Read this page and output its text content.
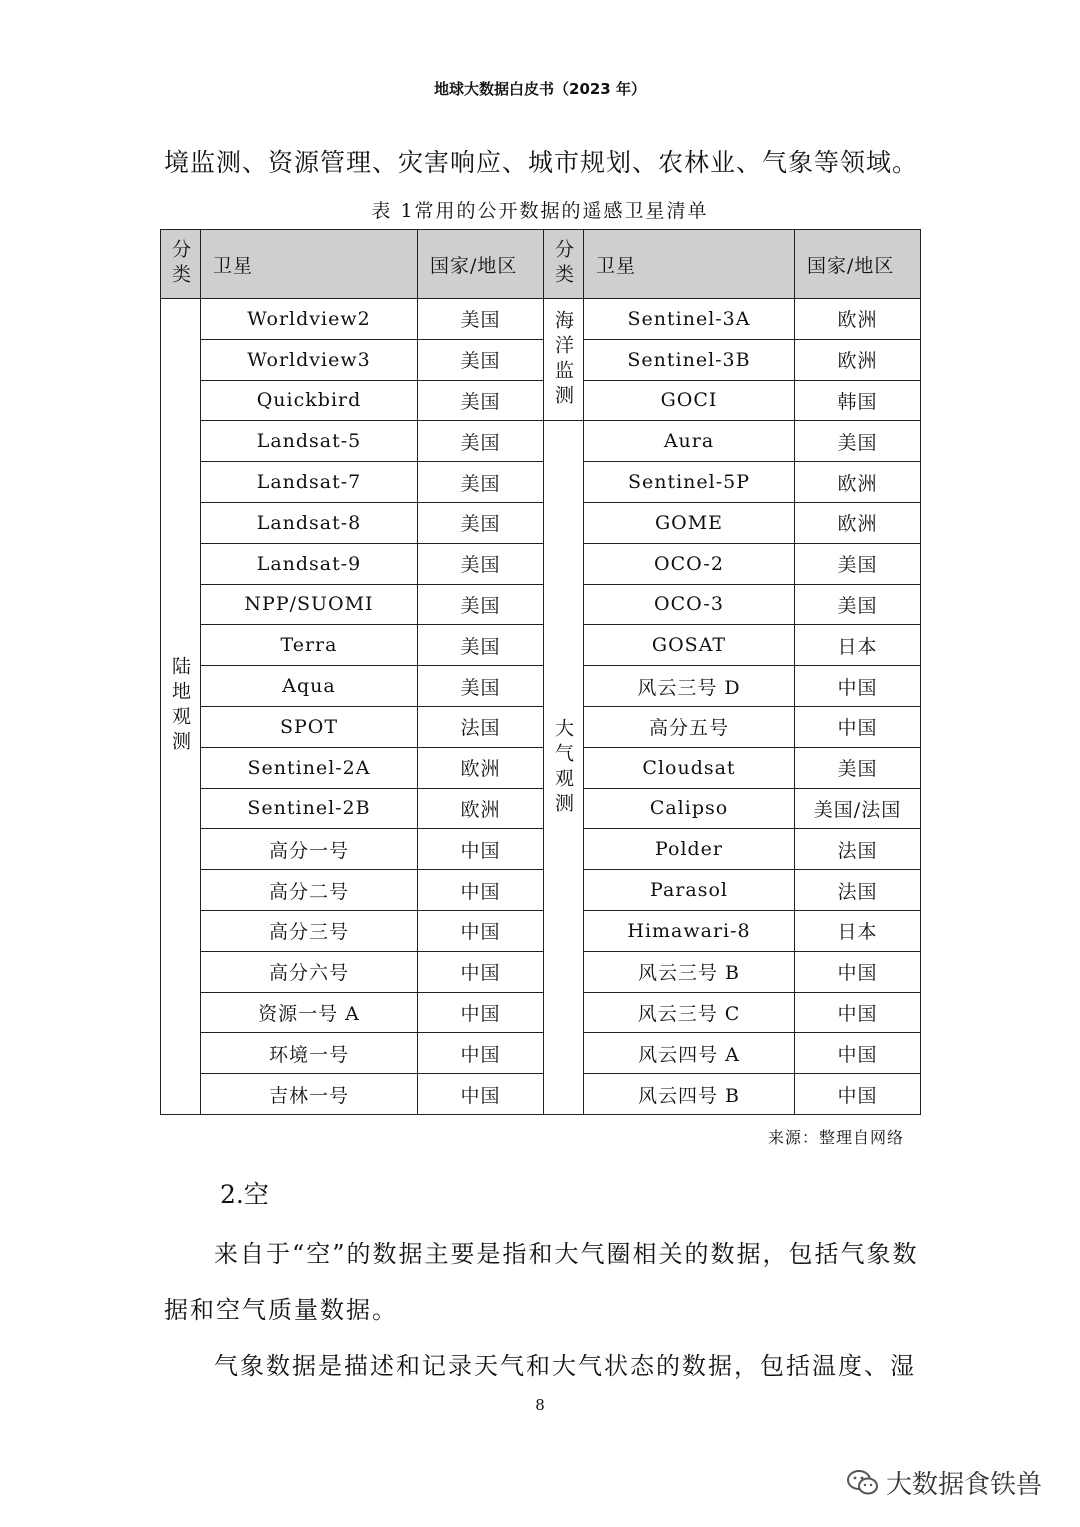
地球大数据白皮书（2023 年）
境监测、资源管理、灾害响应、城市规划、农林业、气象等领域。
表 1常用的公开数据的遥感卫星清单
分类	卫星	国家/地区	分类	卫星	国家/地区
陆地观测	Worldview2	美国	海洋监测	Sentinel-3A	欧洲
	Worldview3	美国		Sentinel-3B	欧洲
	Quickbird	美国		GOCI	韩国
	Landsat-5	美国	大气观测	Aura	美国
	Landsat-7	美国		Sentinel-5P	欧洲
	Landsat-8	美国		GOME	欧洲
	Landsat-9	美国		OCO-2	美国
	NPP/SUOMI	美国		OCO-3	美国
	Terra	美国		GOSAT	日本
	Aqua	美国		风云三号 D	中国
	SPOT	法国		高分五号	中国
	Sentinel-2A	欧洲		Cloudsat	美国
	Sentinel-2B	欧洲		Calipso	美国/法国
	高分一号	中国		Polder	法国
	高分二号	中国		Parasol	法国
	高分三号	中国		Himawari-8	日本
	高分六号	中国		风云三号 B	中国
	资源一号 A	中国		风云三号 C	中国
	环境一号	中国		风云四号 A	中国
	吉林一号	中国		风云四号 B	中国
来源：整理自网络
2.空
来自于“空”的数据主要是指和大气圈相关的数据，包括气象数据和空气质量数据。
气象数据是描述和记录天气和大气状态的数据，包括温度、湿
8
大数据食铁兽
